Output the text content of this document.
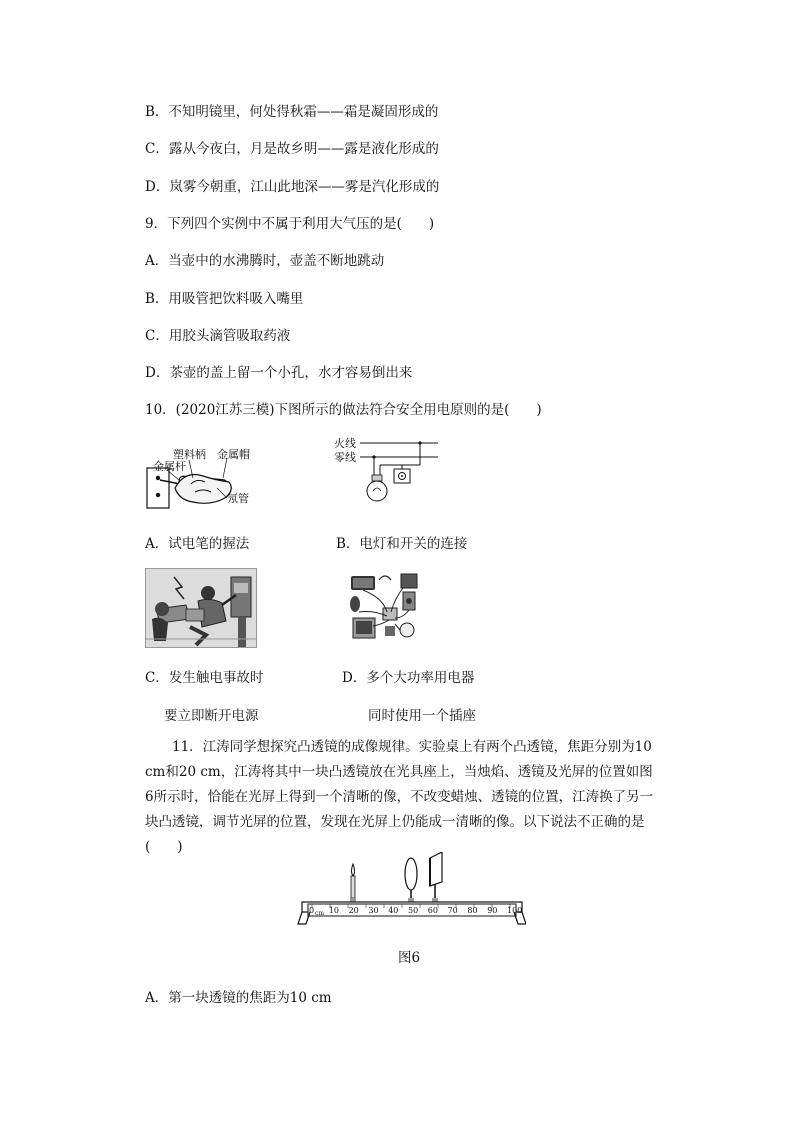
B．不知明镜里，何处得秋霜——霜是凝固形成的
C．露从今夜白，月是故乡明——露是液化形成的
D．岚雾今朝重，江山此地深——雾是汽化形成的
9．下列四个实例中不属于利用大气压的是(　　)
A．当壶中的水沸腾时，壶盖不断地跳动
B．用吸管把饮料吸入嘴里
C．用胶头滴管吸取药液
D．茶壶的盖上留一个小孔，水才容易倒出来
10．(2020江苏三模)下图所示的做法符合安全用电原则的是(　　)
塑料柄 金属帽
金属杆
氖管
火线
零线
A．试电笔的握法	B．电灯和开关的连接
C．发生触电事故时	D．多个大功率用电器
要立即断开电源	同时使用一个插座
11．江涛同学想探究凸透镜的成像规律。实验桌上有两个凸透镜，焦距分别为10 cm和20 cm，江涛将其中一块凸透镜放在光具座上，当烛焰、透镜及光屏的位置如图6所示时，恰能在光屏上得到一个清晰的像，不改变蜡烛、透镜的位置，江涛换了另一块凸透镜，调节光屏的位置，发现在光屏上仍能成一清晰的像。以下说法不正确的是(　　)
0 cm 10 20 30 40 50 60 70 80 90 100
图6
A．第一块透镜的焦距为10 cm
